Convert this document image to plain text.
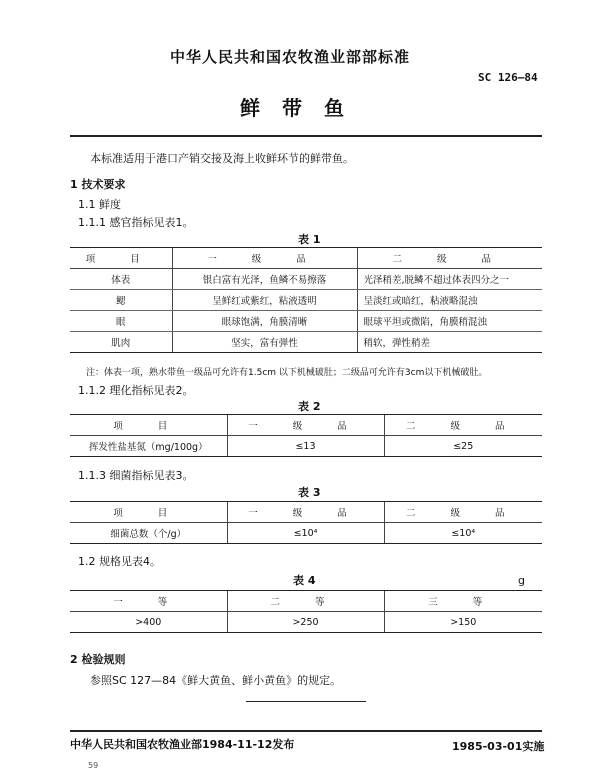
中华人民共和国农牧渔业部部标准
SC 126—84
鲜带鱼
本标准适用于港口产销交接及海上收鲜环节的鲜带鱼。
1 技术要求
1.1 鲜度
1.1.1 感官指标见表1。
表 1
项 目	一 级 品	二 级 品
体表	银白富有光泽，鱼鳞不易擦落	光泽稍差,脱鳞不超过体表四分之一
鳃	呈鲜红或紫红，粘液透明	呈淡红或暗红，粘液略混浊
眼	眼球饱满，角膜清晰	眼球平坦或微陷，角膜稍混浊
肌肉	坚实，富有弹性	稍软，弹性稍差
注：体表一项，熟水带鱼一级品可允许有1.5cm 以下机械破肚；二级品可允许有3cm以下机械破肚。
1.1.2 理化指标见表2。
表 2
项 目	一 级 品	二 级 品
挥发性盐基氮（mg/100g）	≤13	≤25
1.1.3 细菌指标见表3。
表 3
项 目	一 级 品	二 级 品
细菌总数（个/g）	≤10⁴	≤10⁴
1.2 规格见表4。
表 4	g
一 等	二 等	三 等
>400	>250	>150
2 检验规则
参照SC 127—84《鲜大黄鱼、鲜小黄鱼》的规定。
中华人民共和国农牧渔业部1984-11-12发布	1985-03-01实施
59
